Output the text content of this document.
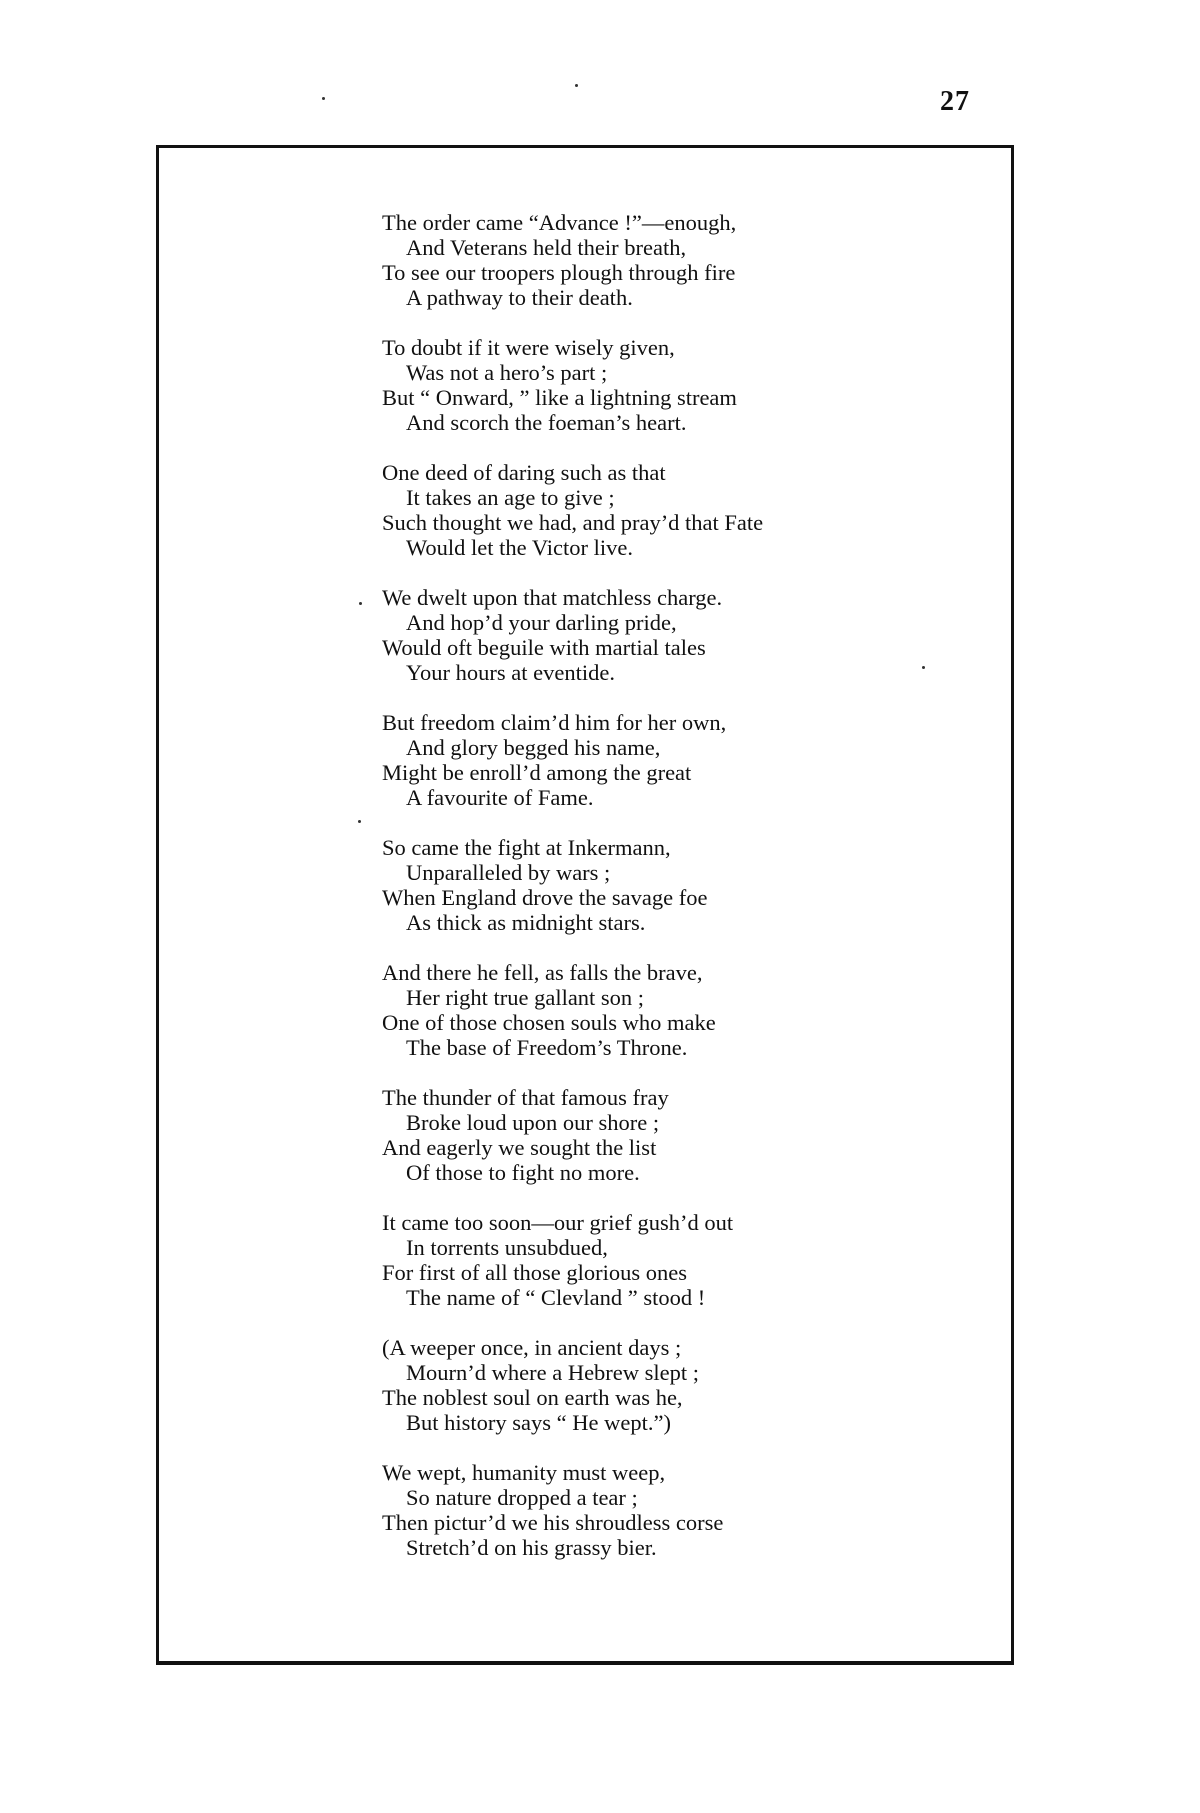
27
The order came “Advance !”—enough,
And Veterans held their breath,
To see our troopers plough through fire
A pathway to their death.
To doubt if it were wisely given,
Was not a hero’s part ;
But “ Onward, ” like a lightning stream
And scorch the foeman’s heart.
One deed of daring such as that
It takes an age to give ;
Such thought we had, and pray’d that Fate
Would let the Victor live.
We dwelt upon that matchless charge.
And hop’d your darling pride,
Would oft beguile with martial tales
Your hours at eventide.
But freedom claim’d him for her own,
And glory begged his name,
Might be enroll’d among the great
A favourite of Fame.
So came the fight at Inkermann,
Unparalleled by wars ;
When England drove the savage foe
As thick as midnight stars.
And there he fell, as falls the brave,
Her right true gallant son ;
One of those chosen souls who make
The base of Freedom’s Throne.
The thunder of that famous fray
Broke loud upon our shore ;
And eagerly we sought the list
Of those to fight no more.
It came too soon—our grief gush’d out
In torrents unsubdued,
For first of all those glorious ones
The name of “ Clevland ” stood !
(A weeper once, in ancient days ;
Mourn’d where a Hebrew slept ;
The noblest soul on earth was he,
But history says “ He wept.”)
We wept, humanity must weep,
So nature dropped a tear ;
Then pictur’d we his shroudless corse
Stretch’d on his grassy bier.
